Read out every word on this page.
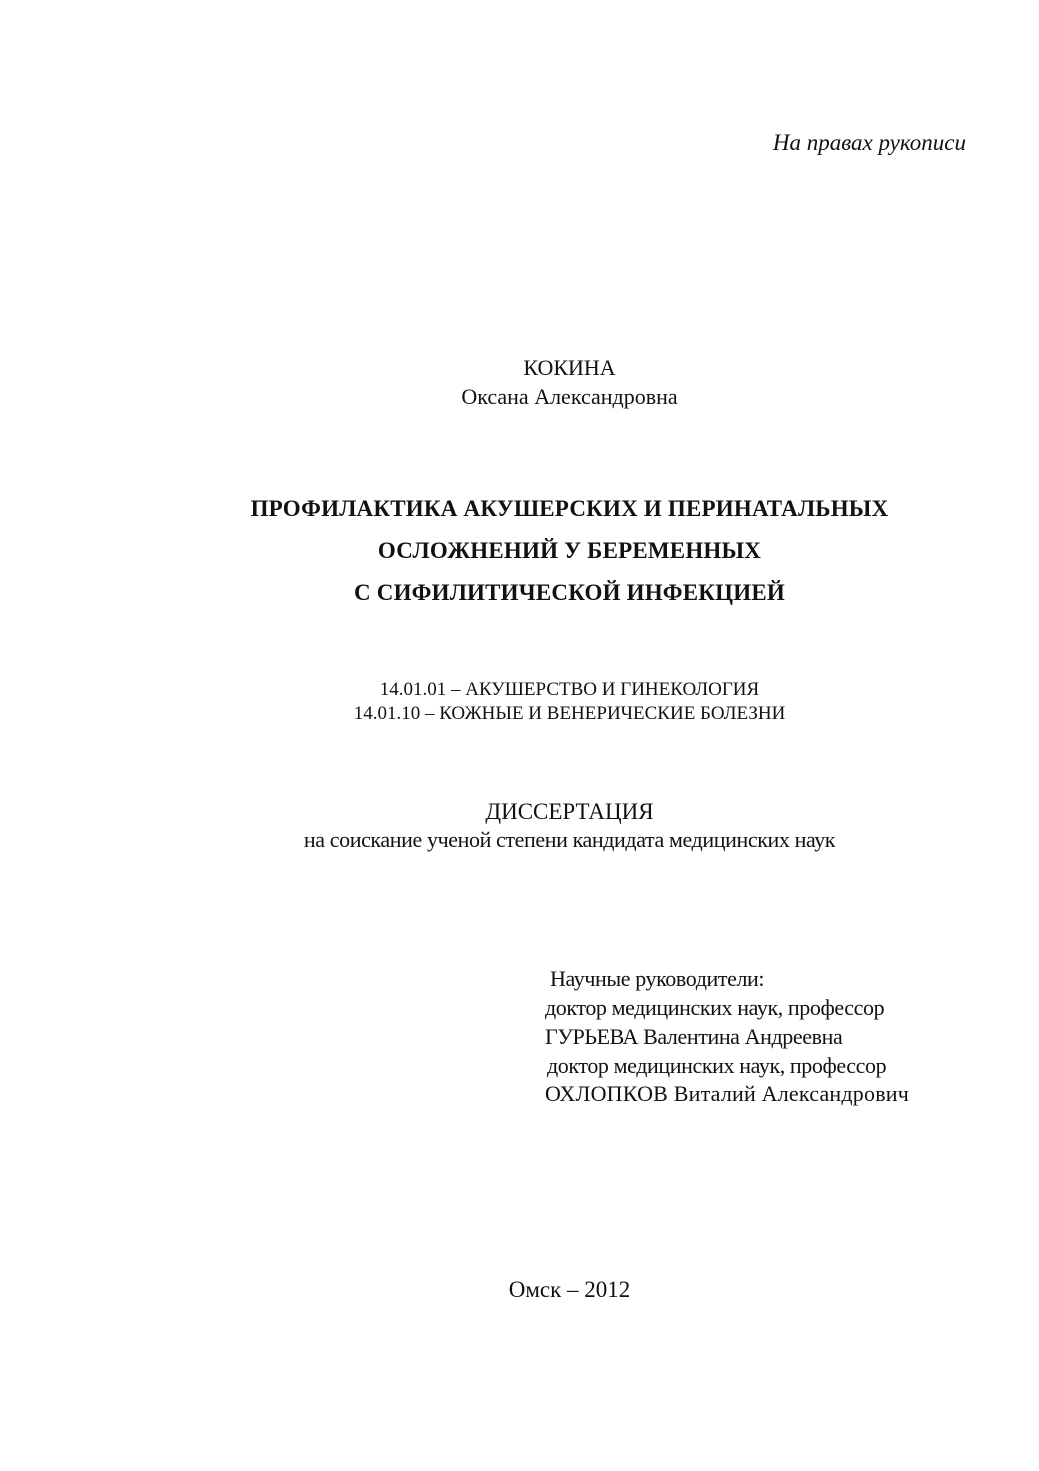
На правах рукописи
КОКИНА
Оксана Александровна
ПРОФИЛАКТИКА АКУШЕРСКИХ И ПЕРИНАТАЛЬНЫХ
ОСЛОЖНЕНИЙ У БЕРЕМЕННЫХ
С СИФИЛИТИЧЕСКОЙ ИНФЕКЦИЕЙ
14.01.01 – АКУШЕРСТВО И ГИНЕКОЛОГИЯ
14.01.10 – КОЖНЫЕ И ВЕНЕРИЧЕСКИЕ БОЛЕЗНИ
ДИССЕРТАЦИЯ
на соискание ученой степени кандидата медицинских наук
Научные руководители:
доктор медицинских наук, профессор
ГУРЬЕВА Валентина Андреевна
доктор медицинских наук, профессор
ОХЛОПКОВ Виталий Александрович
Омск – 2012
